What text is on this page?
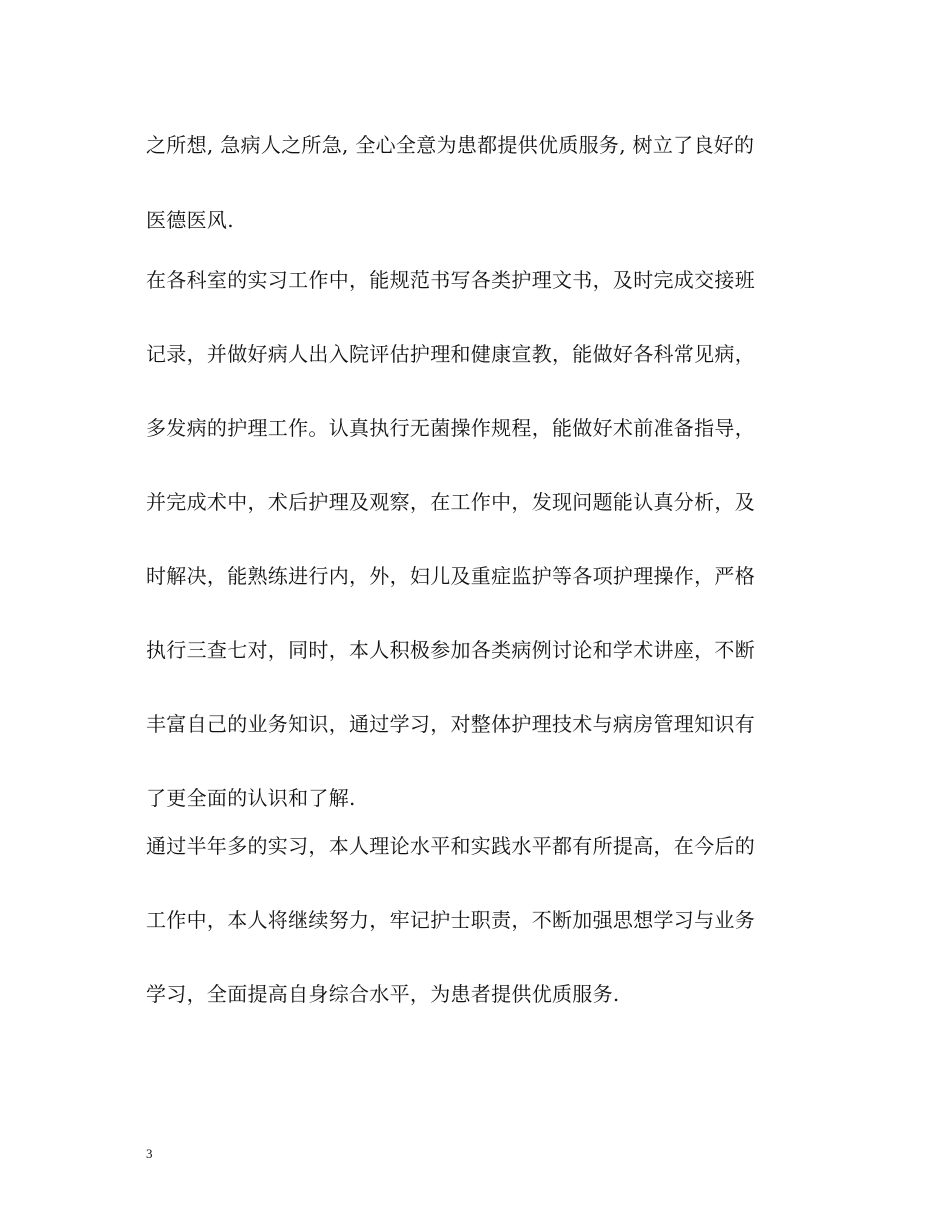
之所想, 急病人之所急, 全心全意为患都提供优质服务, 树立了良好的
医德医风.
在各科室的实习工作中，能规范书写各类护理文书，及时完成交接班
记录，并做好病人出入院评估护理和健康宣教，能做好各科常见病，
多发病的护理工作。认真执行无菌操作规程，能做好术前准备指导，
并完成术中，术后护理及观察，在工作中，发现问题能认真分析，及
时解决，能熟练进行内，外，妇儿及重症监护等各项护理操作，严格
执行三查七对，同时，本人积极参加各类病例讨论和学术讲座，不断
丰富自己的业务知识，通过学习，对整体护理技术与病房管理知识有
了更全面的认识和了解.
通过半年多的实习，本人理论水平和实践水平都有所提高，在今后的
工作中，本人将继续努力，牢记护士职责，不断加强思想学习与业务
学习，全面提高自身综合水平，为患者提供优质服务.
3
